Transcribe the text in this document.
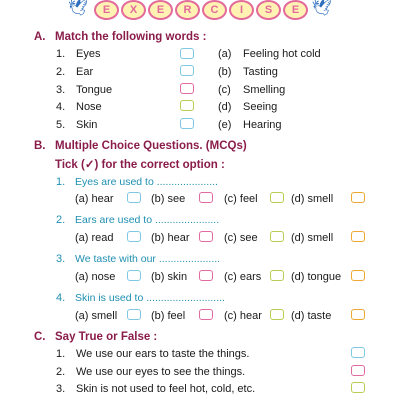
🕊	E	X	E	R	C	I	S	E 🕊
A. Match the following words :
1. Eyes	(a) Feeling hot cold
2. Ear	(b) Tasting
3. Tongue	(c) Smelling
4. Nose	(d) Seeing
5. Skin	(e) Hearing
B. Multiple Choice Questions. (MCQs)
Tick (✓) for the correct option :
1. Eyes are used to .....................
(a) hear	(b) see	(c) feel	(d) smell
2. Ears are used to ......................
(a) read	(b) hear	(c) see	(d) smell
3. We taste with our .....................
(a) nose	(b) skin	(c) ears	(d) tongue
4. Skin is used to ...........................
(a) smell	(b) feel	(c) hear	(d) taste
C. Say True or False :
1. We use our ears to taste the things.
2. We use our eyes to see the things.
3. Skin is not used to feel hot, cold, etc.
